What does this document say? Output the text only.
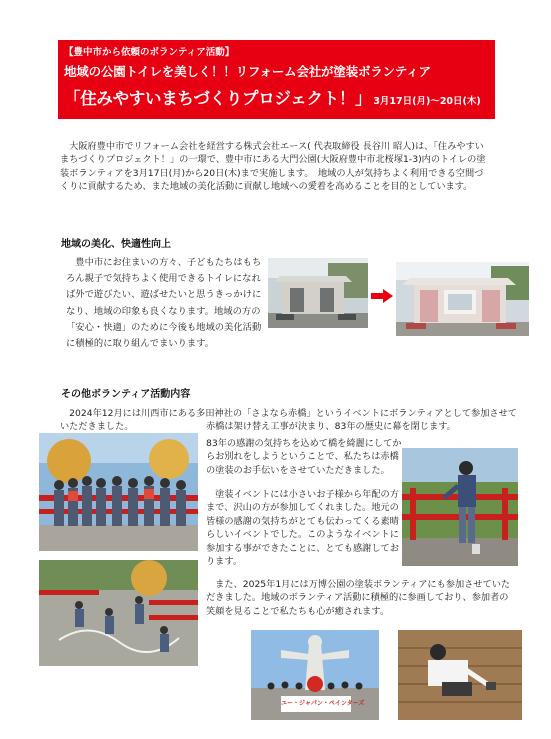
【豊中市から依頼のボランティア活動】
地域の公園トイレを美しく！！リフォーム会社が塗装ボランティア
「住みやすいまちづくりプロジェクト！」 3月17日(月)〜20日(木)
　大阪府豊中市でリフォーム会社を経営する株式会社エース( 代表取締役 長谷川 昭人)は、「住みやすいまちづくりプロジェクト！」の一環で、豊中市にある大門公園(大阪府豊中市北桜塚1-3)内のトイレの塗装ボランティアを3月17日(月)から20日(木)まで実施します。　地域の人が気持ちよく利用できる空間づくりに貢献するため、また地域の美化活動に貢献し地域への愛着を高めることを目的としています。
地域の美化、快適性向上
　豊中市にお住まいの方々、子どもたちはもちろん親子で気持ちよく使用できるトイレになれば外で遊びたい、遊ばせたいと思うきっかけになり、地域の印象も良くなります。地域の方の「安心・快適」のために今後も地域の美化活動に積極的に取り組んでまいります。
その他ボランティア活動内容
　2024年12月には川西市にある多田神社の「さよなら赤橋」というイベントにボランティアとして参加させていただきました。	赤橋は架け替え工事が決まり、83年の歴史に幕を閉じます。
83年の感謝の気持ちを込めて橋を綺麗にしてからお別れをしようということで、私たちは赤橋の塗装のお手伝いをさせていただきました。
　塗装イベントには小さいお子様から年配の方まで、沢山の方が参加してくれました。地元の皆様の感謝の気持ちがとても伝わってくる素晴らしいイベントでした。このようなイベントに参加する事ができたことに、とても感謝しております。
　また、2025年1月には万博公園の塗装ボランティアにも参加させていただきました。地域のボランティア活動に積極的に参画しており、参加者の笑顔を見ることで私たちも心が癒されます。
ユー・ジャパン・ペインターズ
